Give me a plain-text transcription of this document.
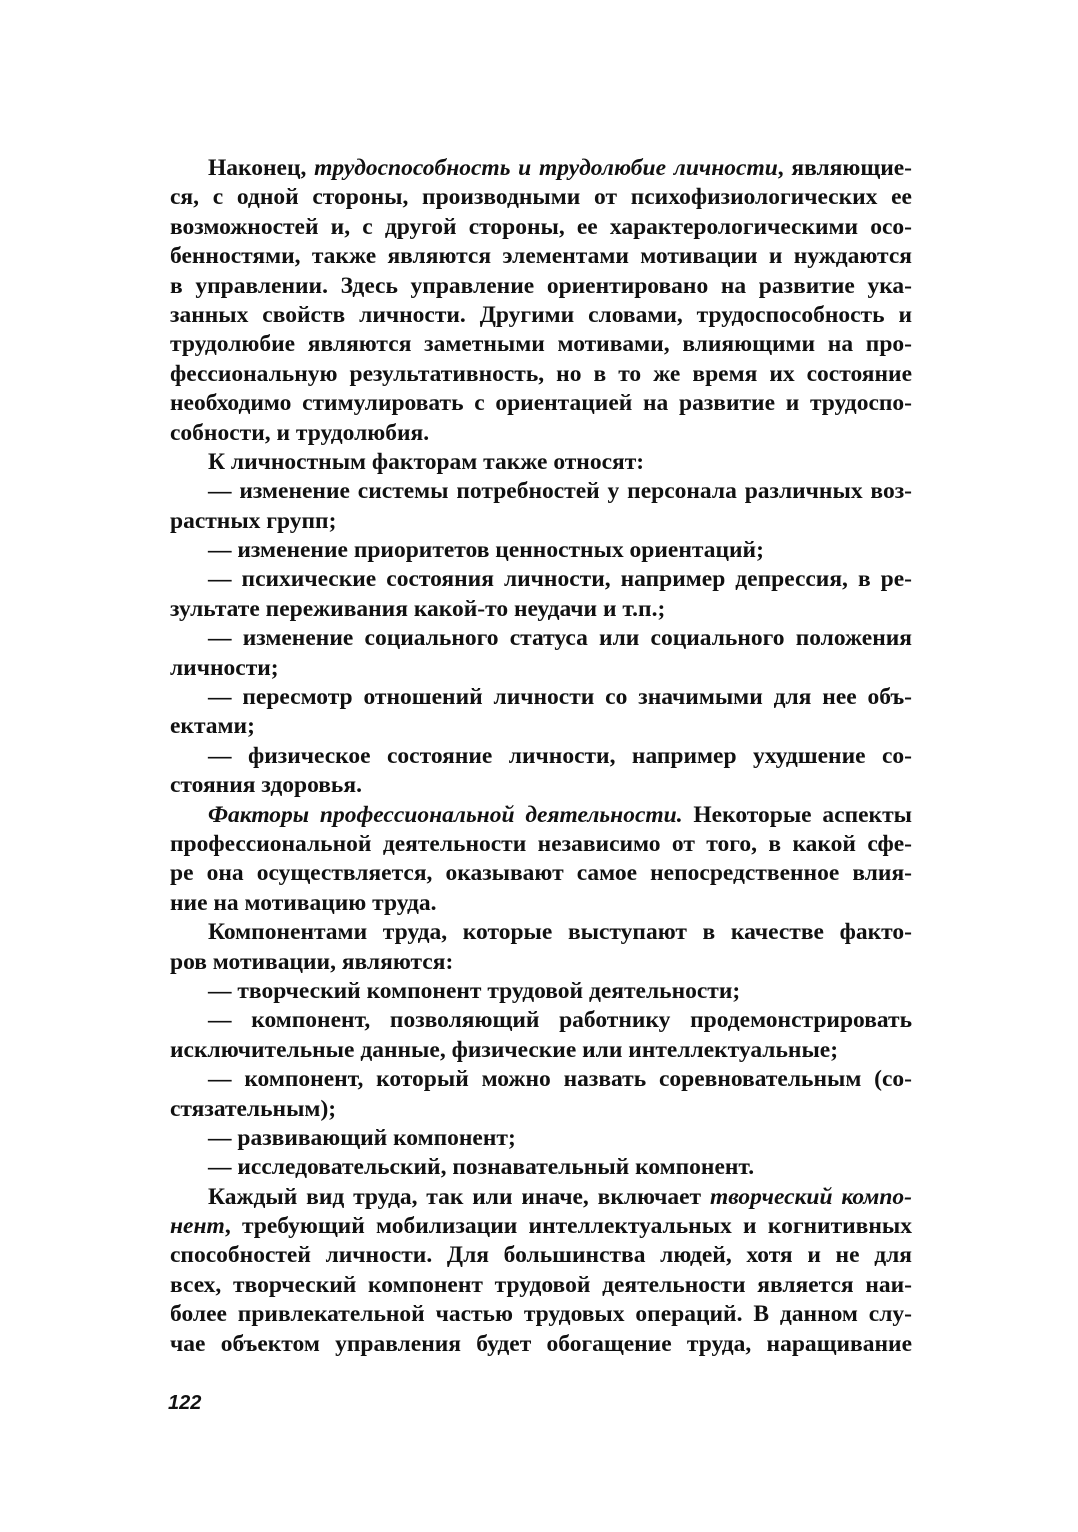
Наконец, трудоспособность и трудолюбие личности, являющие-
ся, с одной стороны, производными от психофизиологических ее
возможностей и, с другой стороны, ее характерологическими осо-
бенностями, также являются элементами мотивации и нуждаются
в управлении. Здесь управление ориентировано на развитие ука-
занных свойств личности. Другими словами, трудоспособность и
трудолюбие являются заметными мотивами, влияющими на про-
фессиональную результативность, но в то же время их состояние
необходимо стимулировать с ориентацией на развитие и трудоспо-
собности, и трудолюбия.
К личностным факторам также относят:
— изменение системы потребностей у персонала различных воз-
растных групп;
— изменение приоритетов ценностных ориентаций;
— психические состояния личности, например депрессия, в ре-
зультате переживания какой-то неудачи и т.п.;
— изменение социального статуса или социального положения
личности;
— пересмотр отношений личности со значимыми для нее объ-
ектами;
— физическое состояние личности, например ухудшение со-
стояния здоровья.
Факторы профессиональной деятельности. Некоторые аспекты
профессиональной деятельности независимо от того, в какой сфе-
ре она осуществляется, оказывают самое непосредственное влия-
ние на мотивацию труда.
Компонентами труда, которые выступают в качестве факто-
ров мотивации, являются:
— творческий компонент трудовой деятельности;
— компонент, позволяющий работнику продемонстрировать
исключительные данные, физические или интеллектуальные;
— компонент, который можно назвать соревновательным (со-
стязательным);
— развивающий компонент;
— исследовательский, познавательный компонент.
Каждый вид труда, так или иначе, включает творческий компо-
нент, требующий мобилизации интеллектуальных и когнитивных
способностей личности. Для большинства людей, хотя и не для
всех, творческий компонент трудовой деятельности является наи-
более привлекательной частью трудовых операций. В данном слу-
чае объектом управления будет обогащение труда, наращивание
122
